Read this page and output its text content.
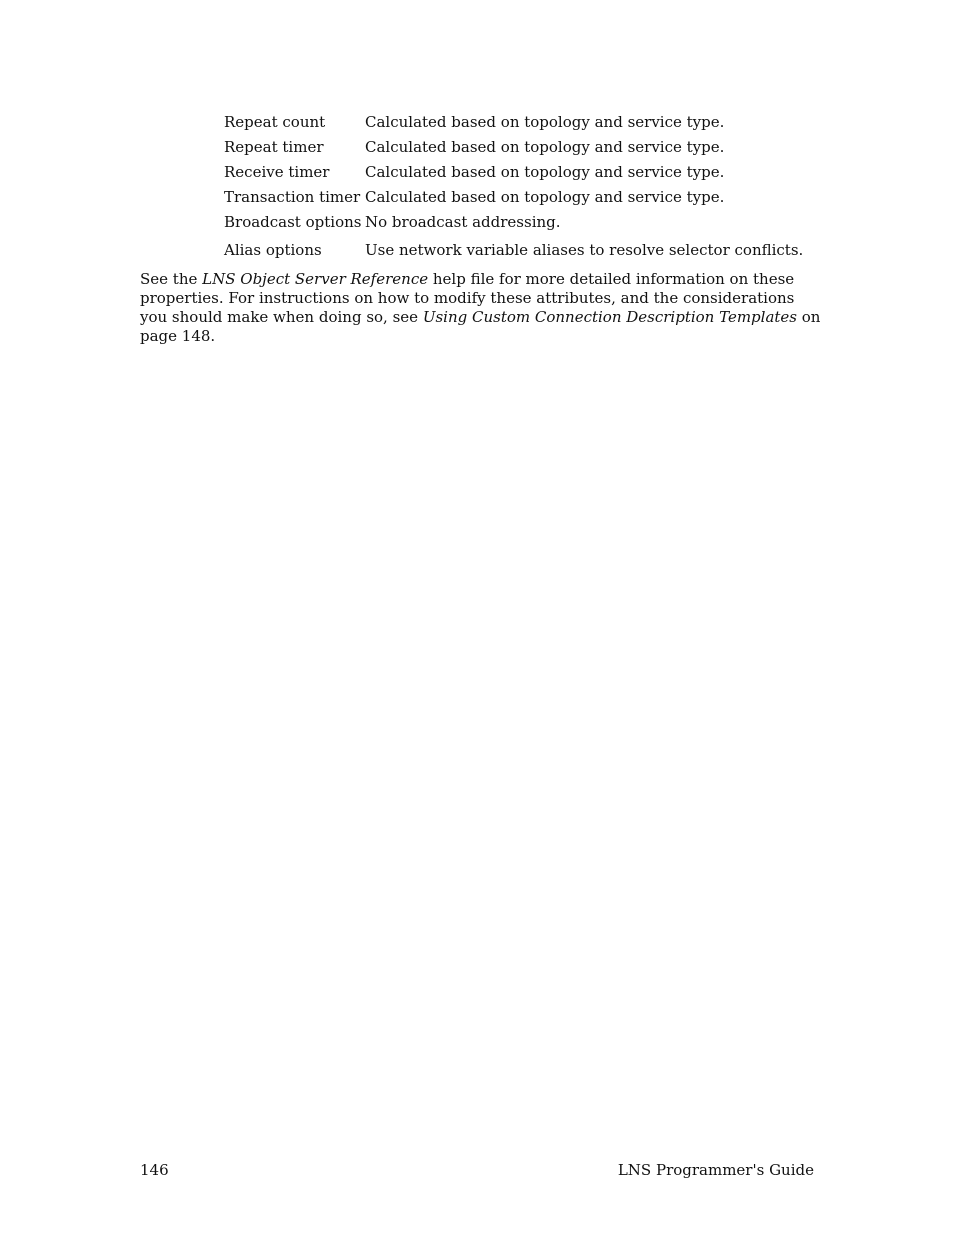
Repeat count	Calculated based on topology and service type.
Repeat timer	Calculated based on topology and service type.
Receive timer	Calculated based on topology and service type.
Transaction timer Calculated based on topology and service type.
Broadcast options No broadcast addressing.
Alias options	Use network variable aliases to resolve selector conflicts.
See the LNS Object Server Reference help file for more detailed information on these
properties. For instructions on how to modify these attributes, and the considerations
you should make when doing so, see Using Custom Connection Description Templates on
page 148.
146	LNS Programmer's Guide
